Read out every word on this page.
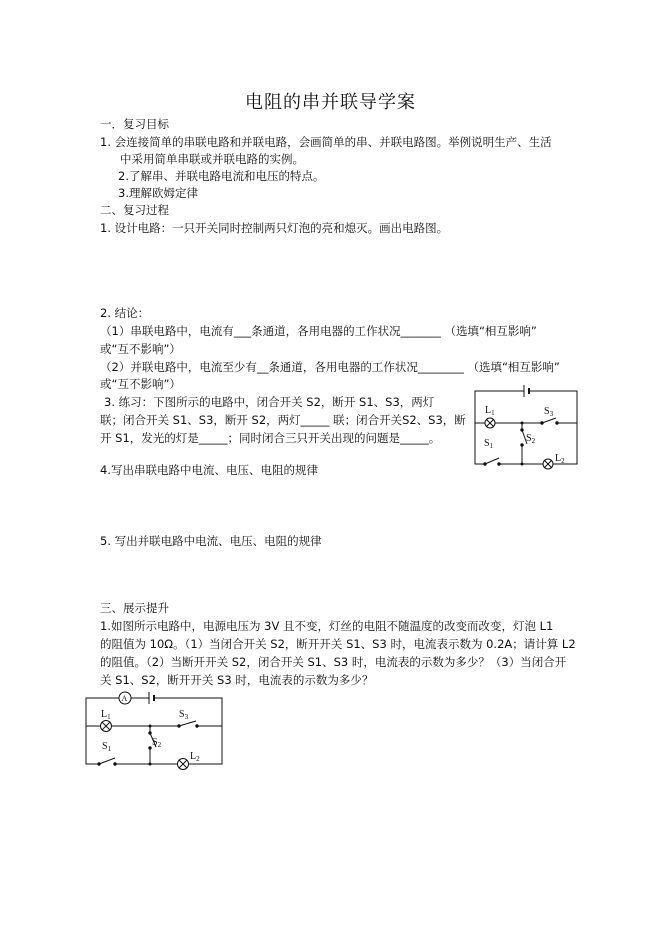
电阻的串并联导学案
一．复习目标
1. 会连接简单的串联电路和并联电路，会画简单的串、并联电路图。举例说明生产、生活
中采用简单串联或并联电路的实例。
2.了解串、并联电路电流和电压的特点。
3.理解欧姆定律
二、复习过程
1. 设计电路：一只开关同时控制两只灯泡的亮和熄灭。画出电路图。
2. 结论：
（1）串联电路中，电流有___条通道，各用电器的工作状况_______ （选填“相互影响”
或“互不影响”）
（2）并联电路中，电流至少有__条通道，各用电器的工作状况________ （选填“相互影响”
或“互不影响”）
3. 练习：下图所示的电路中，闭合开关 S2，断开 S1、S3，两灯
联；闭合开关 S1、S3，断开 S2，两灯_____ 联；闭合开关S2、S3，断
开 S1，发光的灯是_____；同时闭合三只开关出现的问题是_____。
$L_1$	$S_3$
$S_1$
$S_2$
$L_2$
4.写出串联电路中电流、电压、电阻的规律
5. 写出并联电路中电流、电压、电阻的规律
三、展示提升
1.如图所示电路中，电源电压为 3V 且不变，灯丝的电阻不随温度的改变而改变，灯泡 L1
的阻值为 10Ω。（1）当闭合开关 S2，断开开关 S1、S3 时，电流表示数为 0.2A；请计算 L2
的阻值。（2）当断开开关 S2，闭合开关 S1、S3 时，电流表的示数为多少？（3）当闭合开
关 S1、S2，断开开关 S3 时，电流表的示数为多少？
A
$L_1$	$S_3$
$S_1$
$S_2$
$L_2$
